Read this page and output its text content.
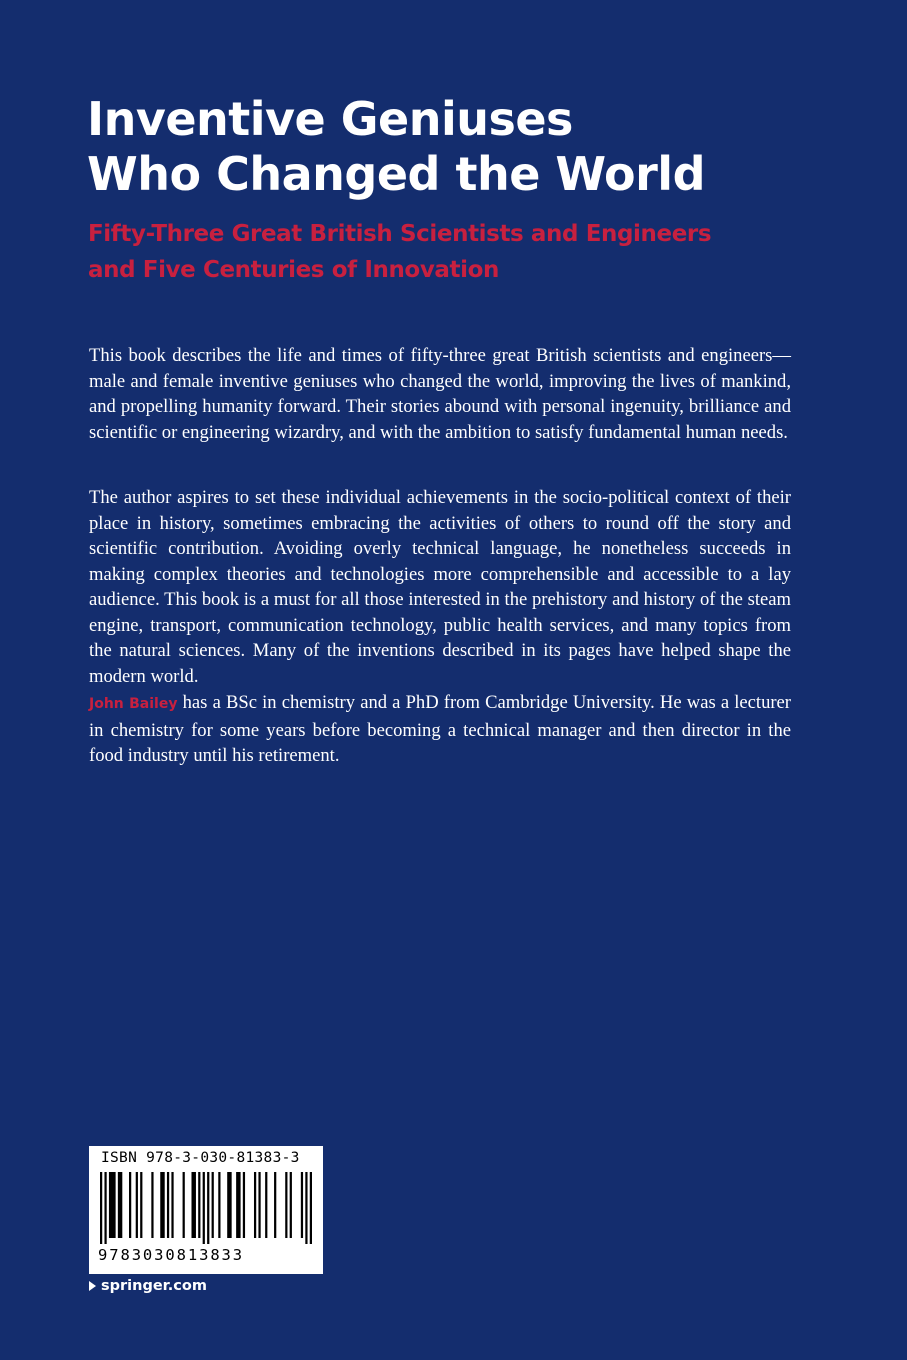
Inventive Geniuses
Who Changed the World
Fifty-Three Great British Scientists and Engineers
and Five Centuries of Innovation

This book describes the life and times of fifty-three great British scientists and engineers—male and female inventive geniuses who changed the world, improving the lives of mankind, and propelling humanity forward. Their stories abound with personal ingenuity, brilliance and scientific or engineering wizardry, and with the ambition to satisfy fundamental human needs.

The author aspires to set these individual achievements in the socio-political context of their place in history, sometimes embracing the activities of others to round off the story and scientific contribution. Avoiding overly technical language, he nonetheless succeeds in making complex theories and technologies more comprehensible and accessible to a lay audience. This book is a must for all those interested in the prehistory and history of the steam engine, transport, communication technology, public health services, and many topics from the natural sciences. Many of the inventions described in its pages have helped shape the modern world.

John Bailey has a BSc in chemistry and a PhD from Cambridge University. He was a lecturer in chemistry for some years before becoming a technical manager and then director in the food industry until his retirement.

ISBN 978-3-030-81383-3
9783030813833
springer.com
